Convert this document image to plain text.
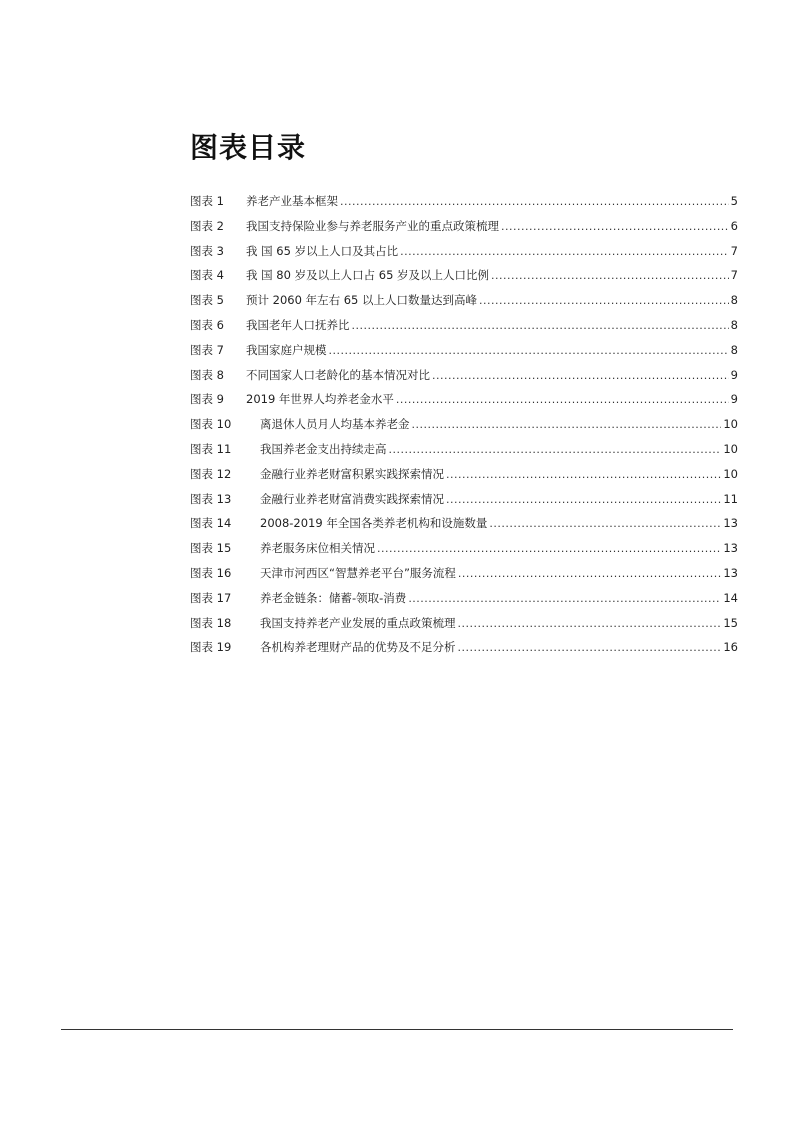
图表目录
图表 1	养老产业基本框架 .....	5
图表 2	我国支持保险业参与养老服务产业的重点政策梳理 .....	6
图表 3	我 国 65 岁以上人口及其占比 .....	7
图表 4	我 国 80 岁及以上人口占 65 岁及以上人口比例 .....	7
图表 5	预计 2060 年左右 65 以上人口数量达到高峰 .....	8
图表 6	我国老年人口抚养比 .....	8
图表 7	我国家庭户规模 .....	8
图表 8	不同国家人口老龄化的基本情况对比 .....	9
图表 9	2019 年世界人均养老金水平 .....	9
图表 10	离退休人员月人均基本养老金 .....	10
图表 11	我国养老金支出持续走高 .....	10
图表 12	金融行业养老财富积累实践探索情况 .....	10
图表 13	金融行业养老财富消费实践探索情况 .....	11
图表 14	2008-2019 年全国各类养老机构和设施数量 .....	13
图表 15	养老服务床位相关情况 .....	13
图表 16	天津市河西区“智慧养老平台”服务流程 .....	13
图表 17	养老金链条：储蓄-领取-消费 .....	14
图表 18	我国支持养老产业发展的重点政策梳理 .....	15
图表 19	各机构养老理财产品的优势及不足分析 .....	16
